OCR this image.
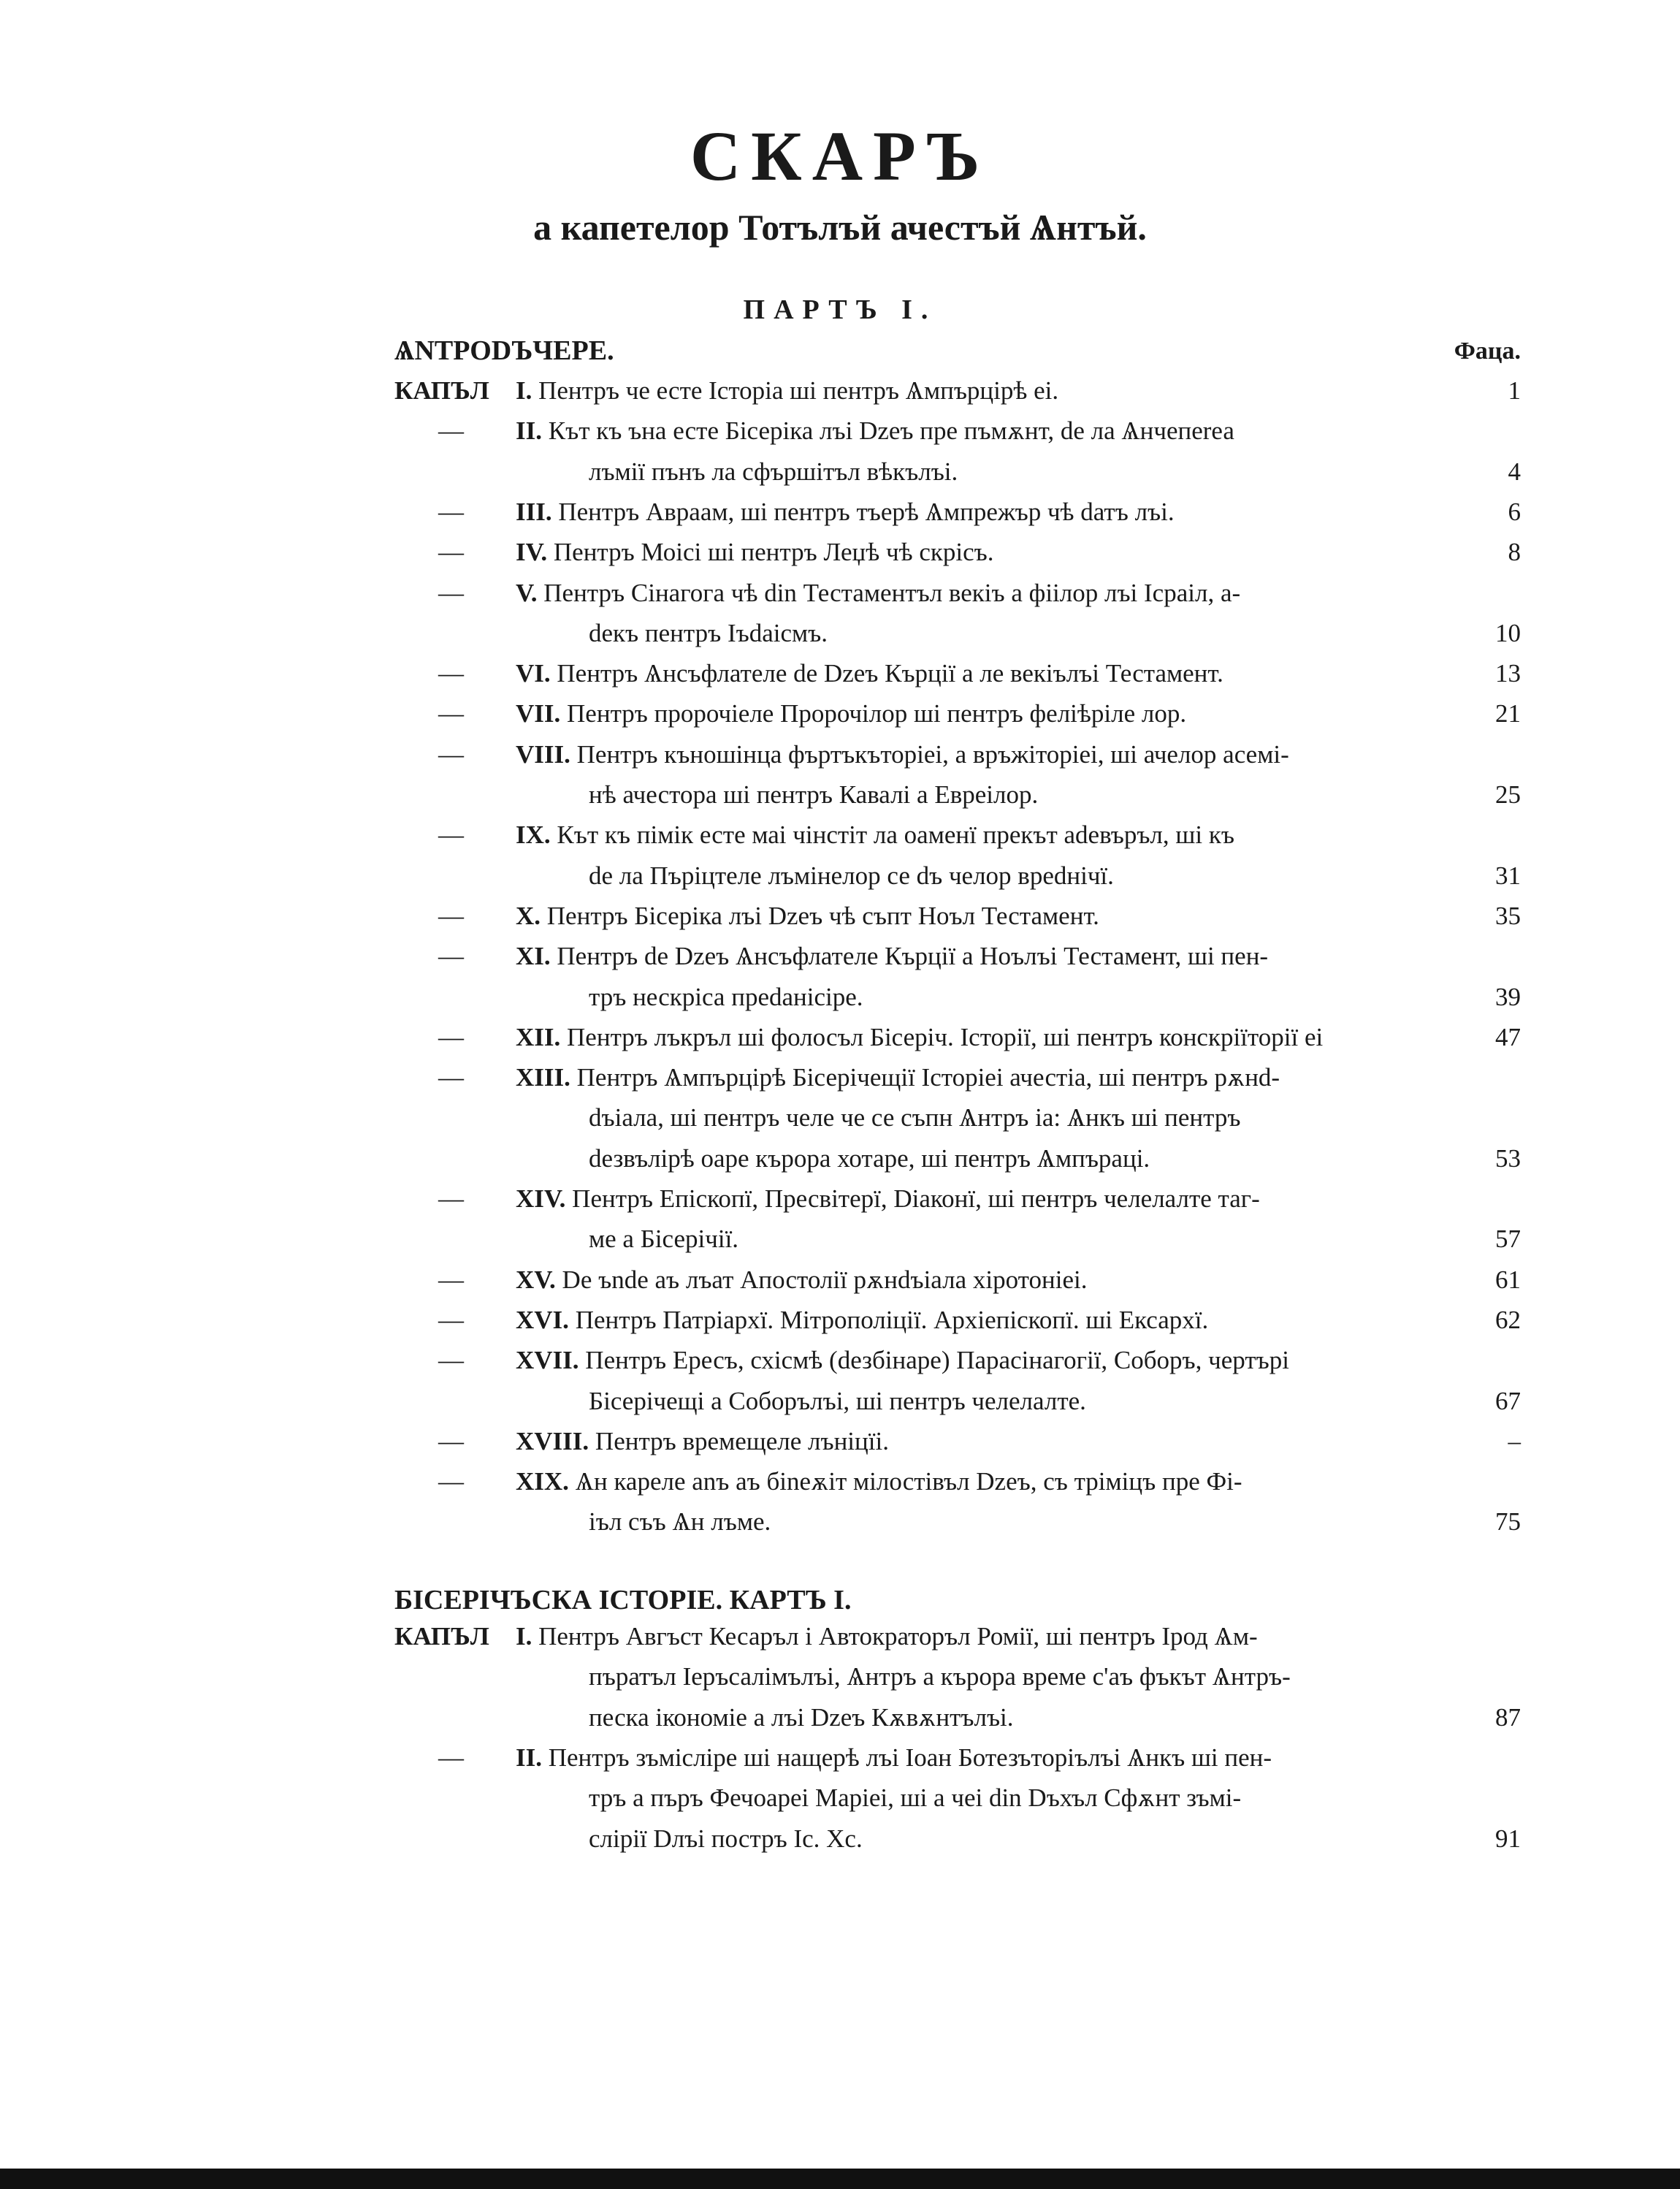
СКАРЪ
а капетелор Тотълъй ачестъй Ѧнтъй.
ПАРТЪ I.
ѦNТРОDЪЧЕРЕ.	Фаца.
КАПЪЛ I. Пентръ че есте Історіа ші пентръ Ѧмпърцірѣ еі.	1
— II. Кът къ ъна есте Бісеріка лъі Dzeъ пре пъмѫнт, dе ла Ѧнчепеrеа
лъмії пънъ ла сфършітъл вѣкълъі.	4
— III. Пентръ Авраам, ші пентръ тъерѣ Ѧмпрежър чѣ dатъ лъі.	6
— IV. Пентръ Моісі ші пентръ Леџѣ чѣ скрісъ.	8
— V. Пентръ Сінагога чѣ dіn Тестаментъл векіъ а фіілор лъі Ісраіл, а-
dекъ пентръ Іъdаісмъ.	10
— VI. Пентръ Ѧнсъфлателе dе Dzeъ Кърції а ле векіълъі Тестамент.	13
— VII. Пентръ пророчіеле Пророчілор ші пентръ феліѣріле лор.	21
— VIII. Пентръ къношінца фъртъкъторіеі, а връжіторіеі, ші ачелор асемі-
нѣ ачестора ші пентръ Кавалі а Евреілор.	25
— IX. Кът къ пімік есте маі чінстіт ла оаменї прекът аdевъръл, ші къ
dе ла Пъріцтеле лъмінелор се dъ челор вреdнічї.	31
— X. Пентръ Бісеріка лъі Dzeъ чѣ съпт Ноъл Тестамент.	35
— XI. Пентръ dе Dzeъ Ѧнсъфлателе Кърції а Ноълъі Тестамент, ші пен-
тръ нескріса пpеdанісіре.	39
— XII. Пентръ лъкръл ші фолосъл Бісеріч. Історії, ші пентръ конскріїторії еі	47
— XIII. Пентръ Ѧмпърцірѣ Бісерічещії Історіеі ачестіа, ші пентръ рѫнd-
dъіала, ші пентръ челе че се съпн Ѧнтръ іа: Ѧнкъ ші пентръ
dезвълірѣ оаре кърора хотаре, ші пентръ Ѧмпъраці.	53
— XIV. Пентръ Епіскопї, Пресвітерї, Dіаконї, ші пентръ челелалте таг-
ме а Бісерічії.	57
— XV. Dе ъnde аъ лъат Апостолії рѫнdъіала хіротоніеі.	61
— XVI. Пентръ Патріархї. Мітрополіції. Архіепіскопї. ші Ексархї.	62
— XVII. Пентръ Ересъ, схісмѣ (dезбінаре) Парасінагогії, Соборъ, чертърі
Бісерічещі а Соборълъі, ші пентръ челелалте.	67
— XVIII. Пентръ времещеле лъніцїі.	–
— XIX. Ѧн кареле аnъ аъ біnеѫіт мілостівъл Dzeъ, съ тріміцъ пре Фі-
іъл съъ Ѧн лъме.	75
БІСЕРІЧЪСКА ІСТОРІЕ. КАРТЪ I.
КАПЪЛ I. Пентръ Авгъст Кесаръл і Автократоръл Ромії, ші пентръ Ірод Ѧм-
пъратъл Іеръсалімълъі, Ѧнтръ а кърора време с'аъ фъкът Ѧнтръ-
песка ікономіе а лъі Dzeъ Кѫвѫнтълъі.	87
— II. Пентръ зъмісліре ші нащерѣ лъі Іоан Ботезъторіълъі Ѧнкъ ші пен-
тръ а пъръ Фечоареі Маріеі, ші а чеі dіn Dъхъл Сфѫнт зъмі-
слірії Dлъі постръ Іс. Хс.	91
